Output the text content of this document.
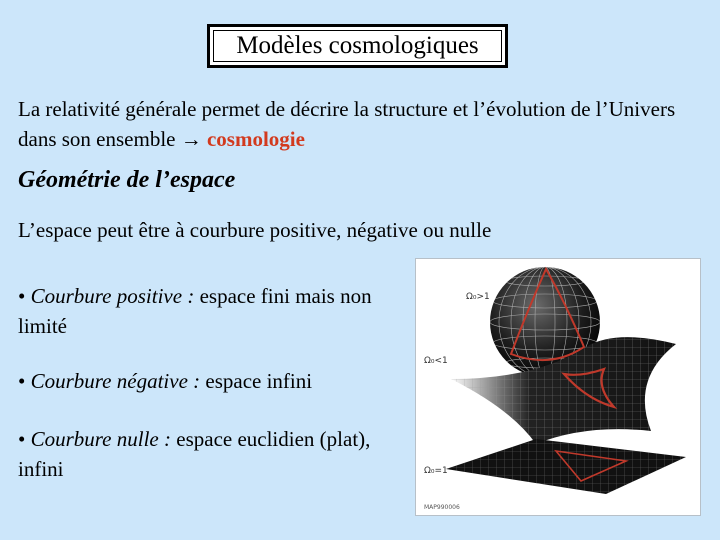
Modèles cosmologiques
La relativité générale permet de décrire la structure et l’évolution de l’Univers dans son ensemble → cosmologie
Géométrie de l’espace
L’espace peut être à courbure positive, négative ou nulle
• Courbure positive : espace fini mais non limité
• Courbure négative : espace infini
• Courbure nulle : espace euclidien (plat), infini
Ω₀>1
Ω₀<1
Ω₀=1
MAP990006
